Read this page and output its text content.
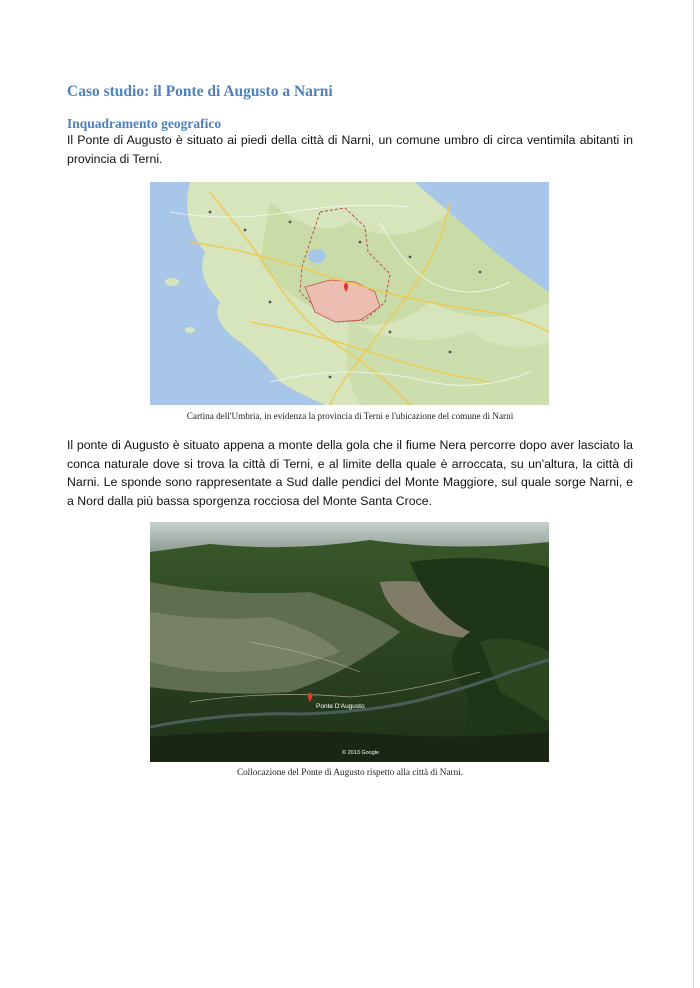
Caso studio: il Ponte di Augusto a Narni
Inquadramento geografico
Il Ponte di Augusto è situato ai piedi della città di Narni, un comune umbro di circa ventimila abitanti in provincia di Terni.
Cartina dell'Umbria, in evidenza la provincia di Terni e l'ubicazione del comune di Narni
Il ponte di Augusto è situato appena a monte della gola che il fiume Nera percorre dopo aver lasciato la conca naturale dove si trova la città di Terni, e al limite della quale è arroccata, su un'altura, la città di Narni. Le sponde sono rappresentate a Sud dalle pendici del Monte Maggiore, sul quale sorge Narni, e a Nord dalla più bassa sporgenza rocciosa del Monte Santa Croce.
Ponte D'Augusto
© 2013 Google
Collocazione del Ponte di Augusto rispetto alla città di Narni.
